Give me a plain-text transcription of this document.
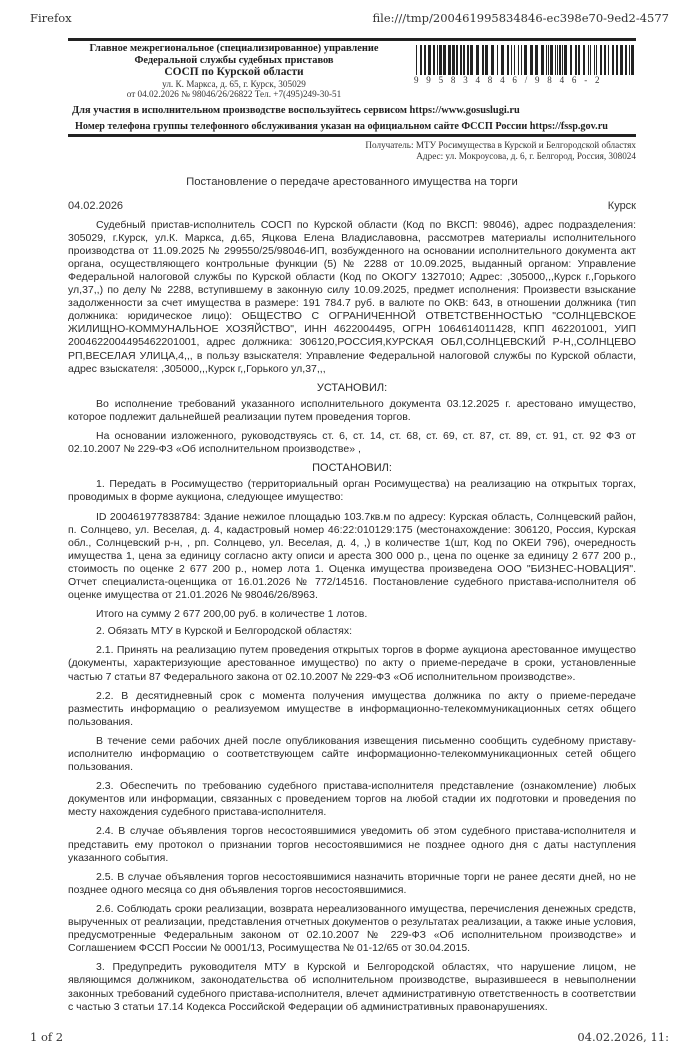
Firefox	file:///tmp/200461995834846-ec398e70-9ed2-4577
Главное межрегиональное (специализированное) управление
Федеральной службы судебных приставов
СОСП по Курской области
ул. К. Маркса, д. 65, г. Курск, 305029
от 04.02.2026 № 98046/26/26822 Тел. +7(495)249-30-51
995834846/9846-2
Для участия в исполнительном производстве воспользуйтесь сервисом https://www.gosuslugi.ru
Номер телефона группы телефонного обслуживания указан на официальном сайте ФССП России https://fssp.gov.ru
Получатель: МТУ Росимущества в Курской и Белгородской областях
Адрес: ул. Мокроусова, д. 6, г. Белгород, Россия, 308024
Постановление о передаче арестованного имущества на торги
04.02.2026	Курск

Судебный пристав-исполнитель СОСП по Курской области (Код по ВКСП: 98046), адрес подразделения: 305029, г.Курск, ул.К. Маркса, д.65, Яцкова Елена Владиславовна, рассмотрев материалы исполнительного производства от 11.09.2025 № 299550/25/98046-ИП, возбужденного на основании исполнительного документа акт органа, осуществляющего контрольные функции (5) № 2288 от 10.09.2025, выданный органом: Управление Федеральной налоговой службы по Курской области (Код по ОКОГУ 1327010; Адрес: ,305000,,,Курск г.,Горького ул,37,,) по делу № 2288, вступившему в законную силу 10.09.2025, предмет исполнения: Произвести взыскание задолженности за счет имущества в размере: 191 784.7 руб. в валюте по ОКВ: 643, в отношении должника (тип должника: юридическое лицо): ОБЩЕСТВО С ОГРАНИЧЕННОЙ ОТВЕТСТВЕННОСТЬЮ "СОЛНЦЕВСКОЕ ЖИЛИЩНО-КОММУНАЛЬНОЕ ХОЗЯЙСТВО", ИНН 4622004495, ОГРН 1064614011428, КПП 462201001, УИП 2004622004495462201001, адрес должника: 306120,РОССИЯ,КУРСКАЯ ОБЛ,СОЛНЦЕВСКИЙ Р-Н,,СОЛНЦЕВО РП,ВЕСЕЛАЯ УЛИЦА,4,,, в пользу взыскателя: Управление Федеральной налоговой службы по Курской области, адрес взыскателя: ,305000,,,Курск г,,Горького ул,37,,,

УСТАНОВИЛ:

Во исполнение требований указанного исполнительного документа 03.12.2025 г. арестовано имущество, которое подлежит дальнейшей реализации путем проведения торгов.

На основании изложенного, руководствуясь ст. 6, ст. 14, ст. 68, ст. 69, ст. 87, ст. 89, ст. 91, ст. 92 ФЗ от 02.10.2007 № 229-ФЗ «Об исполнительном производстве» ,

ПОСТАНОВИЛ:

1. Передать в Росимущество (территориальный орган Росимущества) на реализацию на открытых торгах, проводимых в форме аукциона, следующее имущество:

ID 200461977838784: Здание нежилое площадью 103.7кв.м по адресу: Курская область, Солнцевский район, п. Солнцево, ул. Веселая, д. 4, кадастровый номер 46:22:010129:175 (местонахождение: 306120, Россия, Курская обл., Солнцевский р-н, , рп. Солнцево, ул. Веселая, д. 4, ,) в количестве 1(шт, Код по ОКЕИ 796), очередность имущества 1, цена за единицу согласно акту описи и ареста 300 000 р., цена по оценке за единицу 2 677 200 р., стоимость по оценке 2 677 200 р., номер лота 1. Оценка имущества произведена ООО "БИЗНЕС-НОВАЦИЯ". Отчет специалиста-оценщика от 16.01.2026 № 772/14516. Постановление судебного пристава-исполнителя об оценке имущества от 21.01.2026 № 98046/26/8963.

Итого на сумму 2 677 200,00 руб. в количестве 1 лотов.

2. Обязать МТУ в Курской и Белгородской областях:

2.1. Принять на реализацию путем проведения открытых торгов в форме аукциона арестованное имущество (документы, характеризующие арестованное имущество) по акту о приеме-передаче в сроки, установленные частью 7 статьи 87 Федерального закона от 02.10.2007 № 229-ФЗ «Об исполнительном производстве».

2.2. В десятидневный срок с момента получения имущества должника по акту о приеме-передаче разместить информацию о реализуемом имуществе в информационно-телекоммуникационных сетях общего пользования.

В течение семи рабочих дней после опубликования извещения письменно сообщить судебному приставу-исполнителю информацию о соответствующем сайте информационно-телекоммуникационных сетей общего пользования.

2.3. Обеспечить по требованию судебного пристава-исполнителя представление (ознакомление) любых документов или информации, связанных с проведением торгов на любой стадии их подготовки и проведения по месту нахождения судебного пристава-исполнителя.

2.4. В случае объявления торгов несостоявшимися уведомить об этом судебного пристава-исполнителя и представить ему протокол о признании торгов несостоявшимися не позднее одного дня с даты наступления указанного события.

2.5. В случае объявления торгов несостоявшимися назначить вторичные торги не ранее десяти дней, но не позднее одного месяца со дня объявления торгов несостоявшимися.

2.6. Соблюдать сроки реализации, возврата нереализованного имущества, перечисления денежных средств, вырученных от реализации, представления отчетных документов о результатах реализации, а также иные условия, предусмотренные Федеральным законом от 02.10.2007 № 229-ФЗ «Об исполнительном производстве» и Соглашением ФССП России № 0001/13, Росимущества № 01-12/65 от 30.04.2015.

3. Предупредить руководителя МТУ в Курской и Белгородской областях, что нарушение лицом, не являющимся должником, законодательства об исполнительном производстве, выразившееся в невыполнении законных требований судебного пристава-исполнителя, влечет административную ответственность в соответствии с частью 3 статьи 17.14 Кодекса Российской Федерации об административных правонарушениях.

1 of 2	04.02.2026, 11:
